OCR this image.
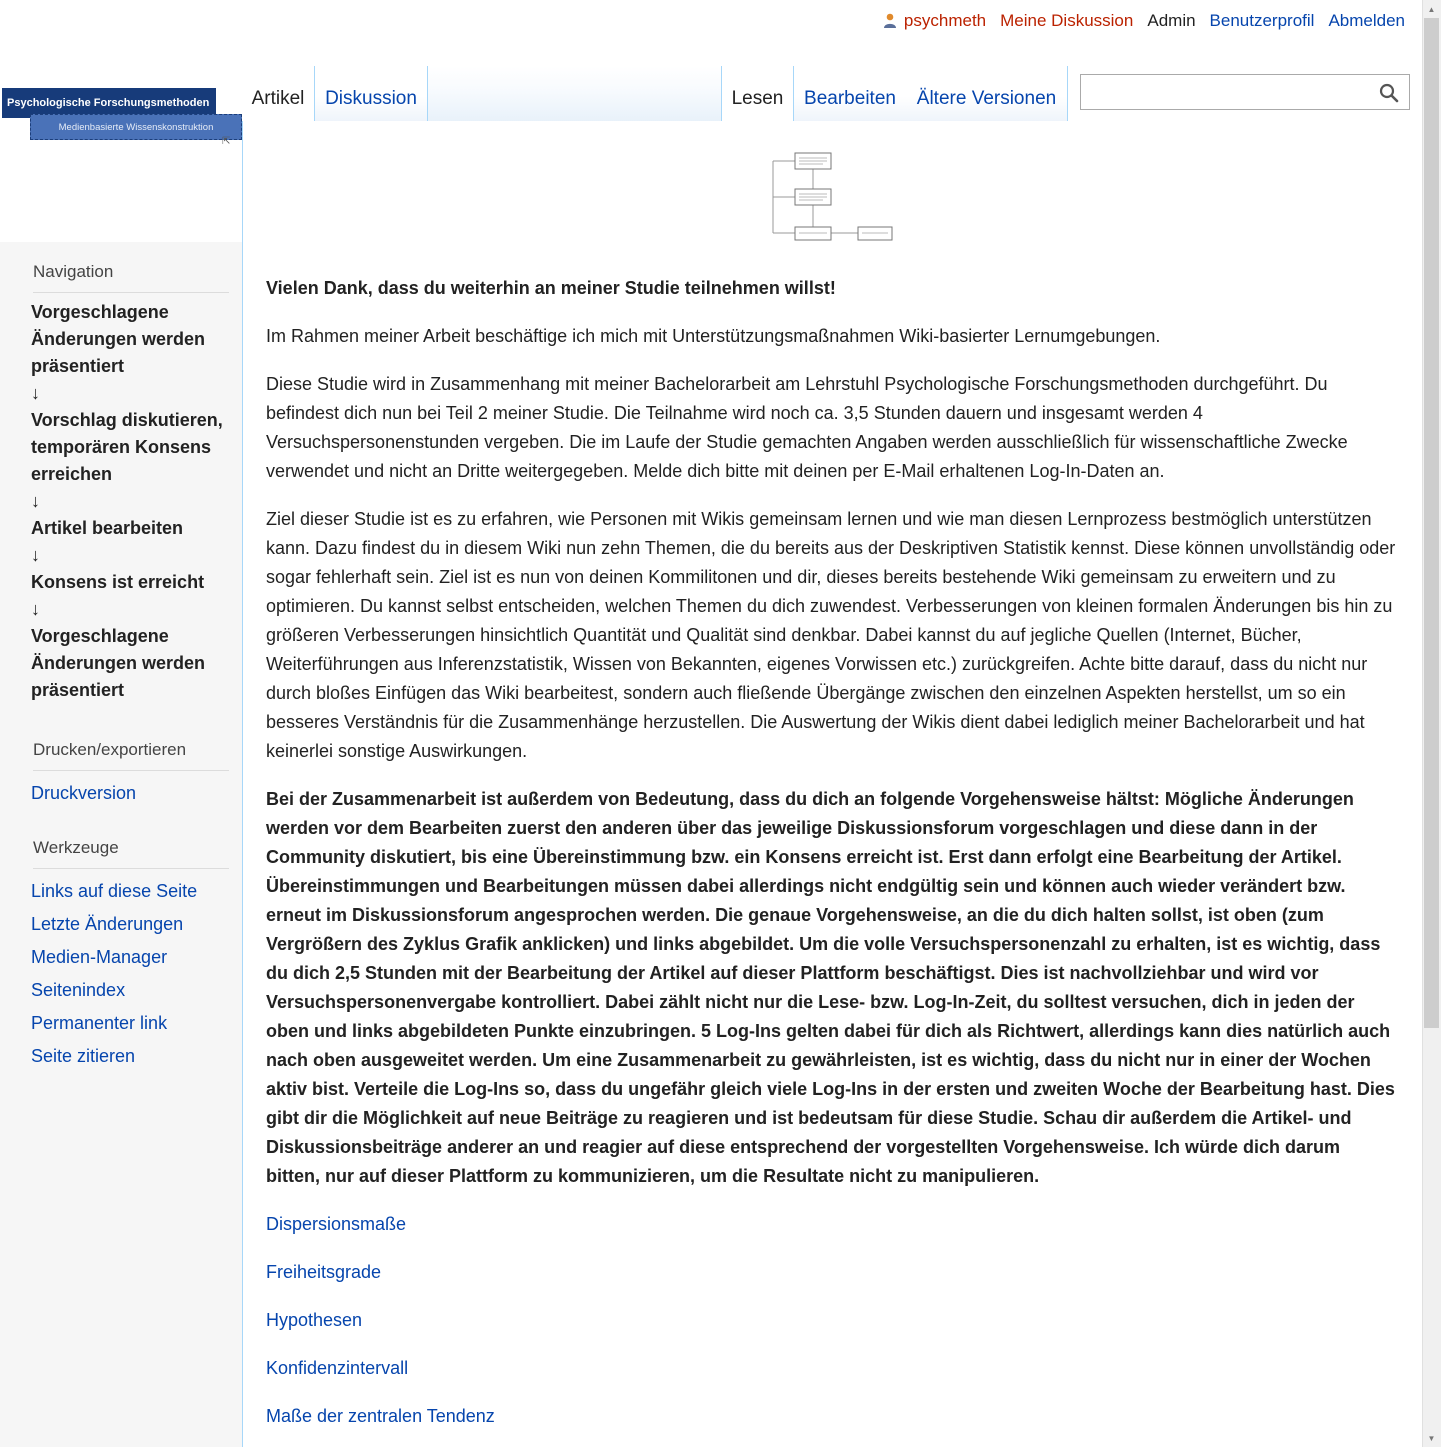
psychmeth Meine Diskussion Admin Benutzerprofil Abmelden
Psychologische Forschungsmethoden
Medienbasierte Wissenskonstruktion
⇱
Artikel Diskussion	Lesen Bearbeiten Ältere Versionen

Vielen Dank, dass du weiterhin an meiner Studie teilnehmen willst!

Im Rahmen meiner Arbeit beschäftige ich mich mit Unterstützungsmaßnahmen Wiki-basierter Lernumgebungen.

Diese Studie wird in Zusammenhang mit meiner Bachelorarbeit am Lehrstuhl Psychologische Forschungsmethoden durchgeführt. Du befindest dich nun bei Teil 2 meiner Studie. Die Teilnahme wird noch ca. 3,5 Stunden dauern und insgesamt werden 4 Versuchspersonenstunden vergeben. Die im Laufe der Studie gemachten Angaben werden ausschließlich für wissenschaftliche Zwecke verwendet und nicht an Dritte weitergegeben. Melde dich bitte mit deinen per E-Mail erhaltenen Log-In-Daten an.

Ziel dieser Studie ist es zu erfahren, wie Personen mit Wikis gemeinsam lernen und wie man diesen Lernprozess bestmöglich unterstützen kann. Dazu findest du in diesem Wiki nun zehn Themen, die du bereits aus der Deskriptiven Statistik kennst. Diese können unvollständig oder sogar fehlerhaft sein. Ziel ist es nun von deinen Kommilitonen und dir, dieses bereits bestehende Wiki gemeinsam zu erweitern und zu optimieren. Du kannst selbst entscheiden, welchen Themen du dich zuwendest. Verbesserungen von kleinen formalen Änderungen bis hin zu größeren Verbesserungen hinsichtlich Quantität und Qualität sind denkbar. Dabei kannst du auf jegliche Quellen (Internet, Bücher, Weiterführungen aus Inferenzstatistik, Wissen von Bekannten, eigenes Vorwissen etc.) zurückgreifen. Achte bitte darauf, dass du nicht nur durch bloßes Einfügen das Wiki bearbeitest, sondern auch fließende Übergänge zwischen den einzelnen Aspekten herstellst, um so ein besseres Verständnis für die Zusammenhänge herzustellen. Die Auswertung der Wikis dient dabei lediglich meiner Bachelorarbeit und hat keinerlei sonstige Auswirkungen.

Bei der Zusammenarbeit ist außerdem von Bedeutung, dass du dich an folgende Vorgehensweise hältst: Mögliche Änderungen werden vor dem Bearbeiten zuerst den anderen über das jeweilige Diskussionsforum vorgeschlagen und diese dann in der Community diskutiert, bis eine Übereinstimmung bzw. ein Konsens erreicht ist. Erst dann erfolgt eine Bearbeitung der Artikel. Übereinstimmungen und Bearbeitungen müssen dabei allerdings nicht endgültig sein und können auch wieder verändert bzw. erneut im Diskussionsforum angesprochen werden. Die genaue Vorgehensweise, an die du dich halten sollst, ist oben (zum Vergrößern des Zyklus Grafik anklicken) und links abgebildet. Um die volle Versuchspersonenzahl zu erhalten, ist es wichtig, dass du dich 2,5 Stunden mit der Bearbeitung der Artikel auf dieser Plattform beschäftigst. Dies ist nachvollziehbar und wird vor Versuchspersonenvergabe kontrolliert. Dabei zählt nicht nur die Lese- bzw. Log-In-Zeit, du solltest versuchen, dich in jeden der oben und links abgebildeten Punkte einzubringen. 5 Log-Ins gelten dabei für dich als Richtwert, allerdings kann dies natürlich auch nach oben ausgeweitet werden. Um eine Zusammenarbeit zu gewährleisten, ist es wichtig, dass du nicht nur in einer der Wochen aktiv bist. Verteile die Log-Ins so, dass du ungefähr gleich viele Log-Ins in der ersten und zweiten Woche der Bearbeitung hast. Dies gibt dir die Möglichkeit auf neue Beiträge zu reagieren und ist bedeutsam für diese Studie. Schau dir außerdem die Artikel- und Diskussionsbeiträge anderer an und reagier auf diese entsprechend der vorgestellten Vorgehensweise. Ich würde dich darum bitten, nur auf dieser Plattform zu kommunizieren, um die Resultate nicht zu manipulieren.

Dispersionsmaße

Freiheitsgrade

Hypothesen

Konfidenzintervall

Maße der zentralen Tendenz

Navigation
Vorgeschlagene Änderungen werden präsentiert
↓
Vorschlag diskutieren, temporären Konsens erreichen
↓
Artikel bearbeiten
↓
Konsens ist erreicht
↓
Vorgeschlagene Änderungen werden präsentiert
Drucken/exportieren
Druckversion
Werkzeuge
Links auf diese Seite
Letzte Änderungen
Medien-Manager
Seitenindex
Permanenter link
Seite zitieren
▲
▼
